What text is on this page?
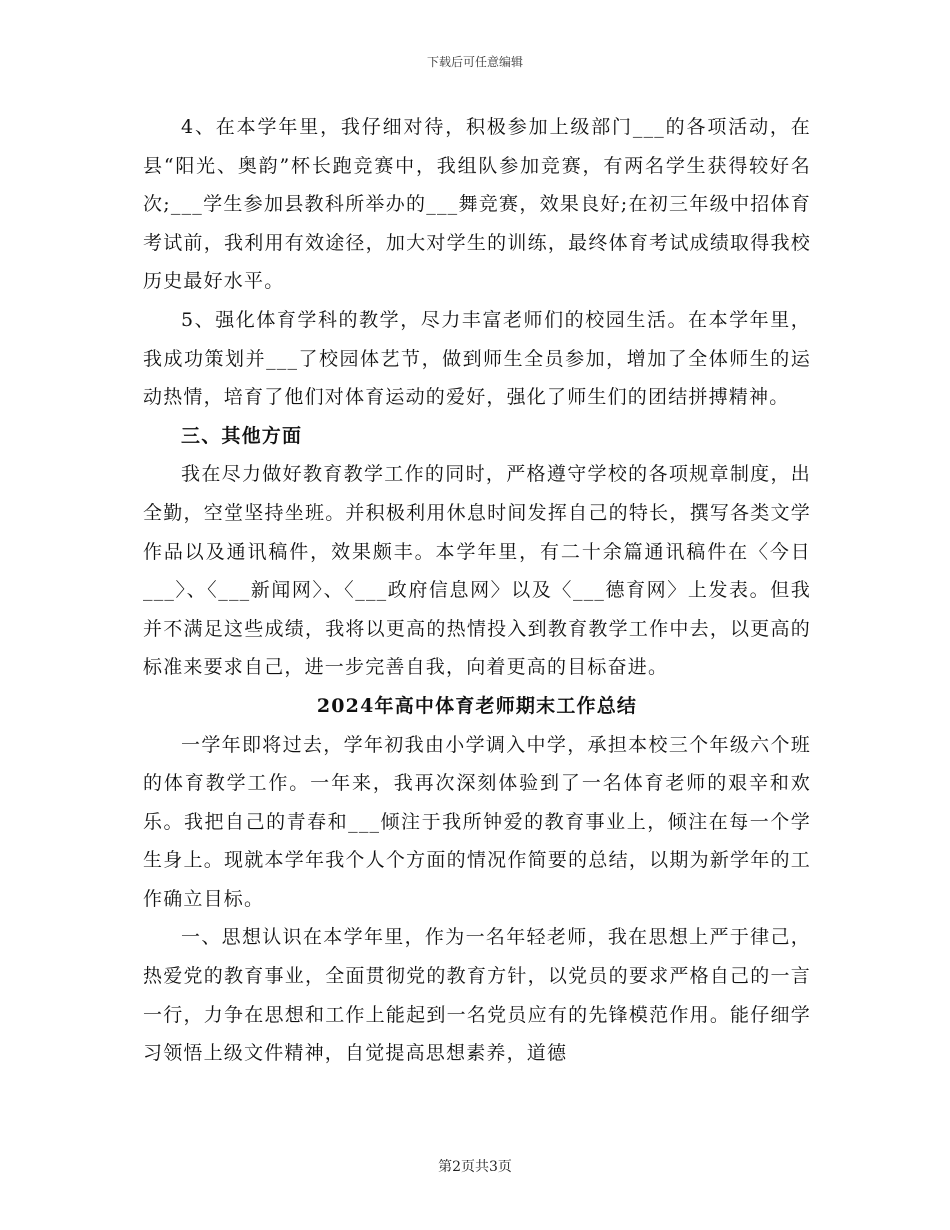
下载后可任意编辑

4、在本学年里，我仔细对待，积极参加上级部门___的各项活动，在县“阳光、奥韵”杯长跑竞赛中，我组队参加竞赛，有两名学生获得较好名次;___学生参加县教科所举办的___舞竞赛，效果良好;在初三年级中招体育考试前，我利用有效途径，加大对学生的训练，最终体育考试成绩取得我校历史最好水平。

5、强化体育学科的教学，尽力丰富老师们的校园生活。在本学年里，我成功策划并___了校园体艺节，做到师生全员参加，增加了全体师生的运动热情，培育了他们对体育运动的爱好，强化了师生们的团结拼搏精神。

三、其他方面

我在尽力做好教育教学工作的同时，严格遵守学校的各项规章制度，出全勤，空堂坚持坐班。并积极利用休息时间发挥自己的特长，撰写各类文学作品以及通讯稿件，效果颇丰。本学年里，有二十余篇通讯稿件在〈今日___〉、〈___新闻网〉、〈___政府信息网〉以及〈___德育网〉上发表。但我并不满足这些成绩，我将以更高的热情投入到教育教学工作中去，以更高的标准来要求自己，进一步完善自我，向着更高的目标奋进。

2024年高中体育老师期末工作总结

一学年即将过去，学年初我由小学调入中学，承担本校三个年级六个班的体育教学工作。一年来，我再次深刻体验到了一名体育老师的艰辛和欢乐。我把自己的青春和___倾注于我所钟爱的教育事业上，倾注在每一个学生身上。现就本学年我个人个方面的情况作简要的总结，以期为新学年的工作确立目标。

一、思想认识在本学年里，作为一名年轻老师，我在思想上严于律己，热爱党的教育事业，全面贯彻党的教育方针，以党员的要求严格自己的一言一行，力争在思想和工作上能起到一名党员应有的先锋模范作用。能仔细学习领悟上级文件精神，自觉提高思想素养，道德

第2页共3页
